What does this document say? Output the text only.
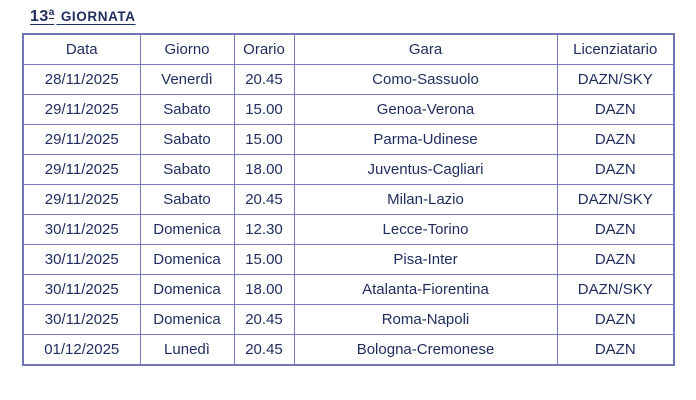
13$^a$ GIORNATA
Data	Giorno	Orario	Gara	Licenziatario
28/11/2025	Venerdì	20.45	Como-Sassuolo	DAZN/SKY
29/11/2025	Sabato	15.00	Genoa-Verona	DAZN
29/11/2025	Sabato	15.00	Parma-Udinese	DAZN
29/11/2025	Sabato	18.00	Juventus-Cagliari	DAZN
29/11/2025	Sabato	20.45	Milan-Lazio	DAZN/SKY
30/11/2025	Domenica	12.30	Lecce-Torino	DAZN
30/11/2025	Domenica	15.00	Pisa-Inter	DAZN
30/11/2025	Domenica	18.00	Atalanta-Fiorentina	DAZN/SKY
30/11/2025	Domenica	20.45	Roma-Napoli	DAZN
01/12/2025	Lunedì	20.45	Bologna-Cremonese	DAZN
